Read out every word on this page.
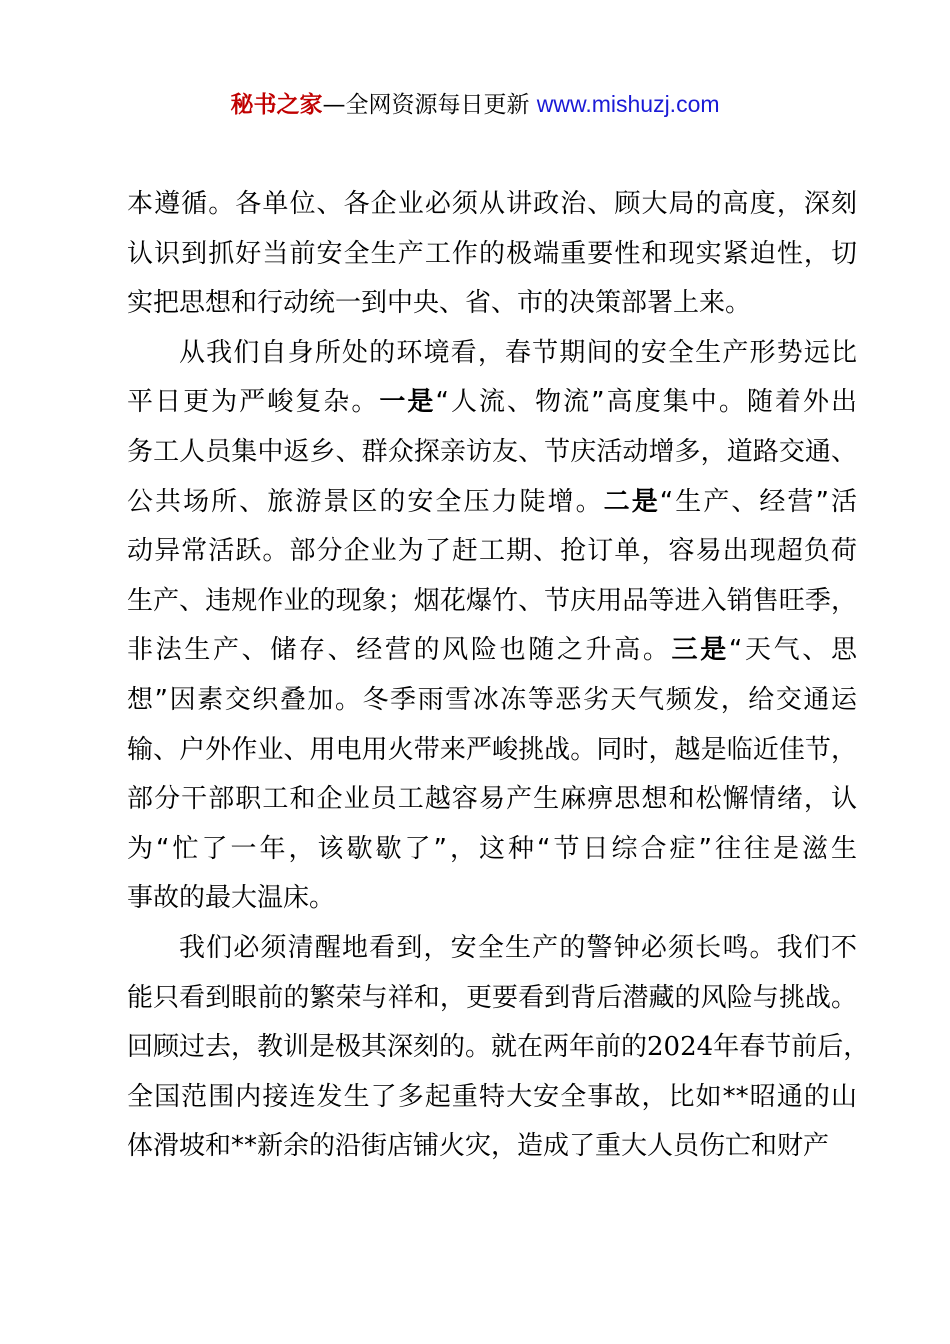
秘书之家—全网资源每日更新 www.mishuzj.com
本遵循。各单位、各企业必须从讲政治、顾大局的高度，深刻
认识到抓好当前安全生产工作的极端重要性和现实紧迫性，切
实把思想和行动统一到中央、省、市的决策部署上来。
从我们自身所处的环境看，春节期间的安全生产形势远比
平日更为严峻复杂。一是“人流、物流”高度集中。随着外出
务工人员集中返乡、群众探亲访友、节庆活动增多，道路交通、
公共场所、旅游景区的安全压力陡增。二是“生产、经营”活
动异常活跃。部分企业为了赶工期、抢订单，容易出现超负荷
生产、违规作业的现象；烟花爆竹、节庆用品等进入销售旺季，
非法生产、储存、经营的风险也随之升高。三是“天气、思
想”因素交织叠加。冬季雨雪冰冻等恶劣天气频发，给交通运
输、户外作业、用电用火带来严峻挑战。同时，越是临近佳节，
部分干部职工和企业员工越容易产生麻痹思想和松懈情绪，认
为“忙了一年，该歇歇了”，这种“节日综合症”往往是滋生
事故的最大温床。
我们必须清醒地看到，安全生产的警钟必须长鸣。我们不
能只看到眼前的繁荣与祥和，更要看到背后潜藏的风险与挑战。
回顾过去，教训是极其深刻的。就在两年前的2024年春节前后，
全国范围内接连发生了多起重特大安全事故，比如**昭通的山
体滑坡和**新余的沿街店铺火灾，造成了重大人员伤亡和财产
